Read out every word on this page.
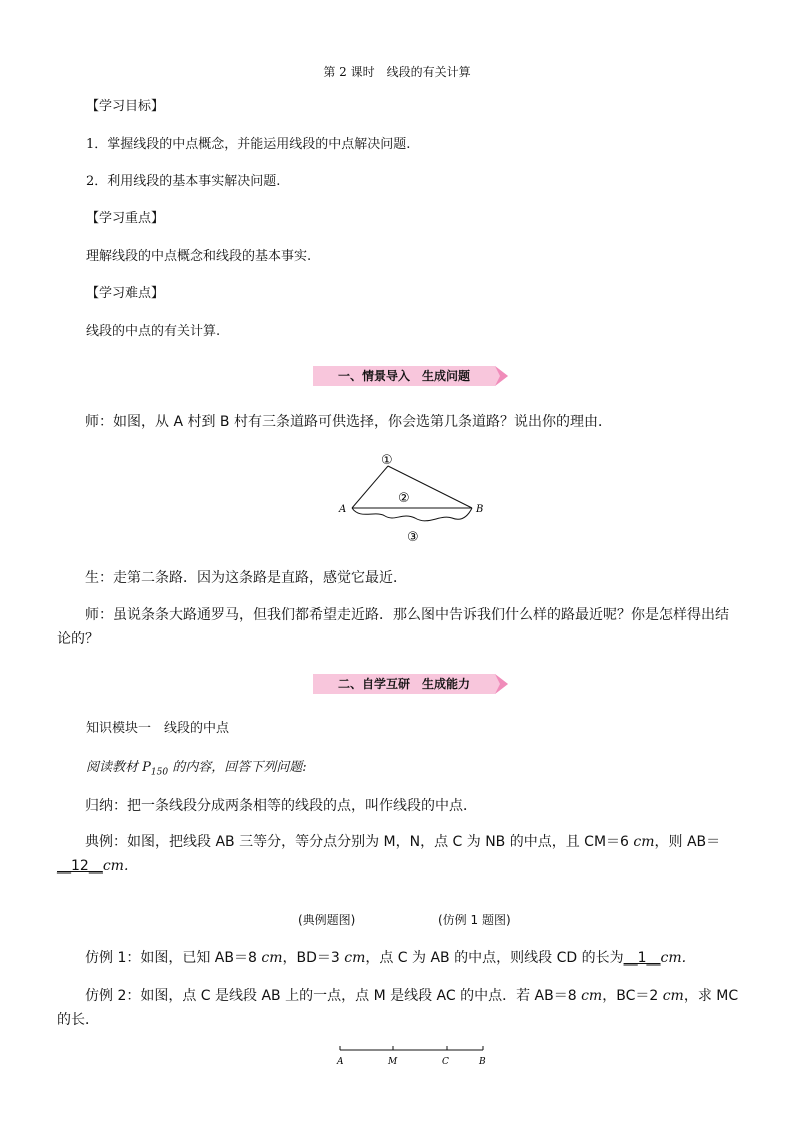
第 2 课时　线段的有关计算
【学习目标】
1．掌握线段的中点概念，并能运用线段的中点解决问题.
2．利用线段的基本事实解决问题.
【学习重点】
理解线段的中点概念和线段的基本事实.
【学习难点】
线段的中点的有关计算.
一、情景导入　生成问题
师：如图，从 A 村到 B 村有三条道路可供选择，你会选第几条道路？说出你的理由．
A	B
①
②
③
生：走第二条路．因为这条路是直路，感觉它最近．
师：虽说条条大路通罗马，但我们都希望走近路．那么图中告诉我们什么样的路最近呢？你是怎样得出结论的？
二、自学互研　生成能力
知识模块一　线段的中点
阅读教材 $P_{150}$ 的内容，回答下列问题:
归纳：把一条线段分成两条相等的线段的点，叫作线段的中点．
典例：如图，把线段 AB 三等分，等分点分别为 M，N，点 C 为 NB 的中点，且 CM＝6 cm，则 AB＝
__12__cm.
(典例题图)	(仿例 1 题图)
仿例 1：如图，已知 AB＝8 cm，BD＝3 cm，点 C 为 AB 的中点，则线段 CD 的长为__1__cm.
仿例 2：如图，点 C 是线段 AB 上的一点，点 M 是线段 AC 的中点．若 AB＝8 cm，BC＝2 cm，求 MC 的长．
A	M	C	B
